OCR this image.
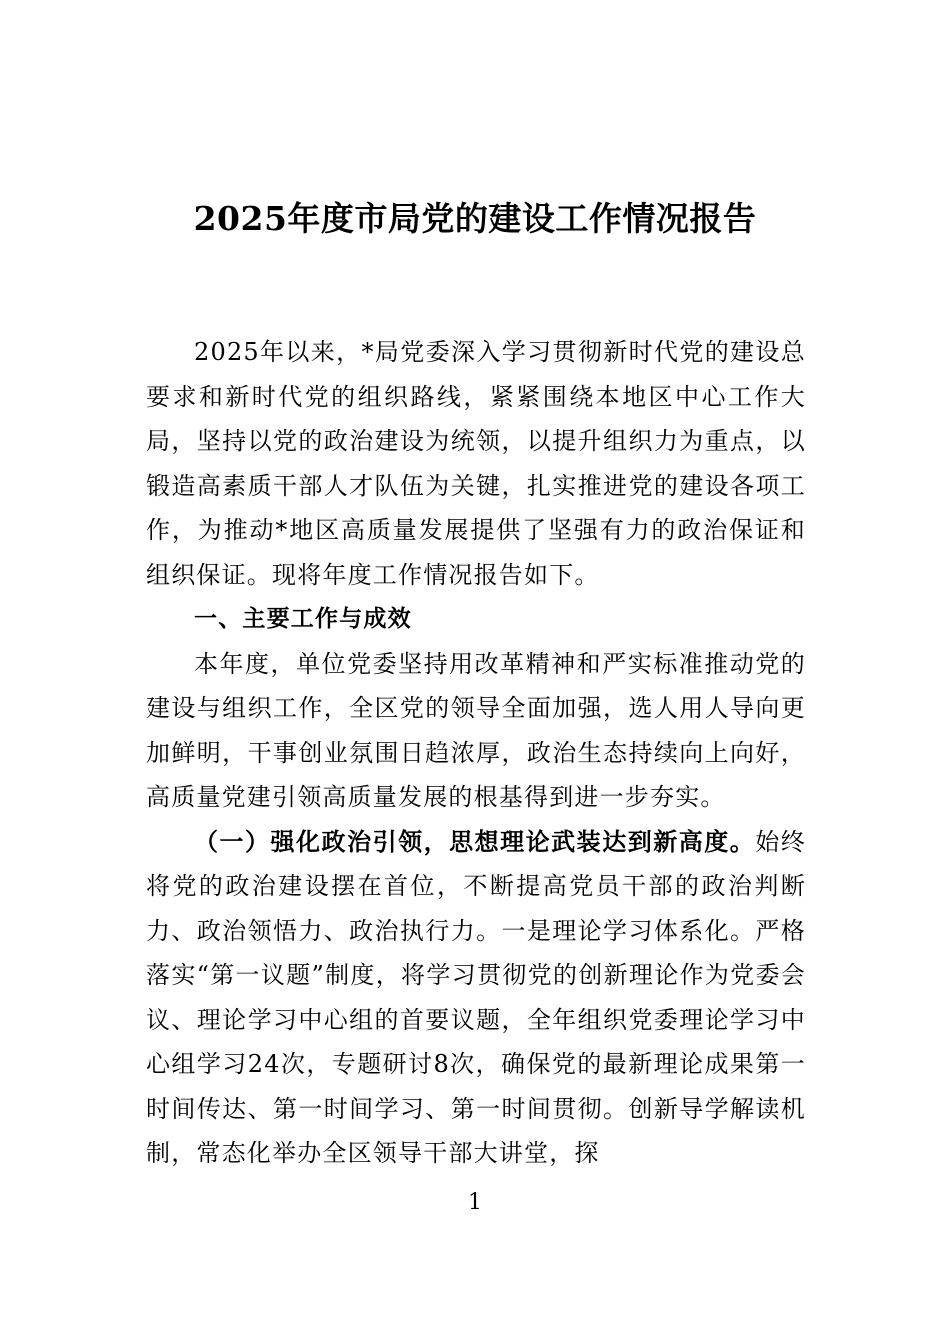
2025年度市局党的建设工作情况报告

2025年以来，*局党委深入学习贯彻新时代党的建设总要求和新时代党的组织路线，紧紧围绕本地区中心工作大局，坚持以党的政治建设为统领，以提升组织力为重点，以锻造高素质干部人才队伍为关键，扎实推进党的建设各项工作，为推动*地区高质量发展提供了坚强有力的政治保证和组织保证。现将年度工作情况报告如下。

一、主要工作与成效

本年度，单位党委坚持用改革精神和严实标准推动党的建设与组织工作，全区党的领导全面加强，选人用人导向更加鲜明，干事创业氛围日趋浓厚，政治生态持续向上向好，高质量党建引领高质量发展的根基得到进一步夯实。

（一）强化政治引领，思想理论武装达到新高度。始终将党的政治建设摆在首位，不断提高党员干部的政治判断力、政治领悟力、政治执行力。一是理论学习体系化。严格落实“第一议题”制度，将学习贯彻党的创新理论作为党委会议、理论学习中心组的首要议题，全年组织党委理论学习中心组学习24次，专题研讨8次，确保党的最新理论成果第一时间传达、第一时间学习、第一时间贯彻。创新导学解读机制，常态化举办全区领导干部大讲堂，探

1
